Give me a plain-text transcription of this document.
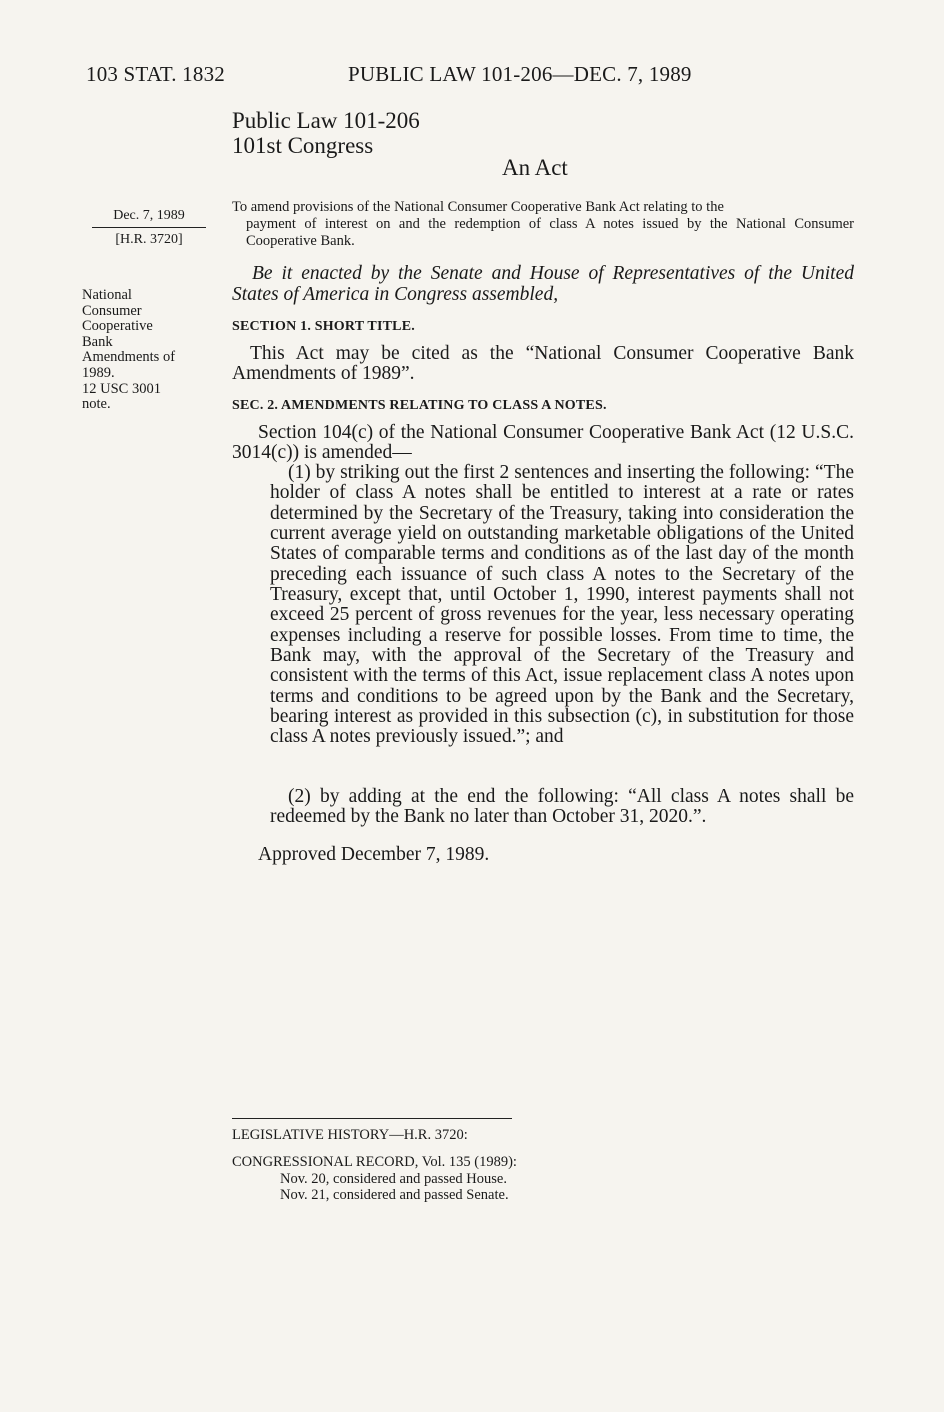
103 STAT. 1832	PUBLIC LAW 101-206—DEC. 7, 1989
Public Law 101-206
101st Congress
An Act
Dec. 7, 1989
[H.R. 3720]
National
Consumer
Cooperative
Bank
Amendments of
1989.
12 USC 3001
note.
To amend provisions of the National Consumer Cooperative Bank Act relating to the
payment of interest on and the redemption of class A notes issued by the National Consumer Cooperative Bank.
Be it enacted by the Senate and House of Representatives of the United States of America in Congress assembled,
SECTION 1. SHORT TITLE.
This Act may be cited as the “National Consumer Cooperative Bank Amendments of 1989”.
SEC. 2. AMENDMENTS RELATING TO CLASS A NOTES.
Section 104(c) of the National Consumer Cooperative Bank Act (12 U.S.C. 3014(c)) is amended—
(1) by striking out the first 2 sentences and inserting the following: “The holder of class A notes shall be entitled to interest at a rate or rates determined by the Secretary of the Treasury, taking into consideration the current average yield on outstanding marketable obligations of the United States of comparable terms and conditions as of the last day of the month preceding each issuance of such class A notes to the Secretary of the Treasury, except that, until October 1, 1990, interest payments shall not exceed 25 percent of gross revenues for the year, less necessary operating expenses including a reserve for possible losses. From time to time, the Bank may, with the approval of the Secretary of the Treasury and consistent with the terms of this Act, issue replacement class A notes upon terms and conditions to be agreed upon by the Bank and the Secretary, bearing interest as provided in this subsection (c), in substitution for those class A notes previously issued.”; and
(2) by adding at the end the following: “All class A notes shall be redeemed by the Bank no later than October 31, 2020.”.
Approved December 7, 1989.
LEGISLATIVE HISTORY—H.R. 3720:
CONGRESSIONAL RECORD, Vol. 135 (1989):
Nov. 20, considered and passed House.
Nov. 21, considered and passed Senate.
